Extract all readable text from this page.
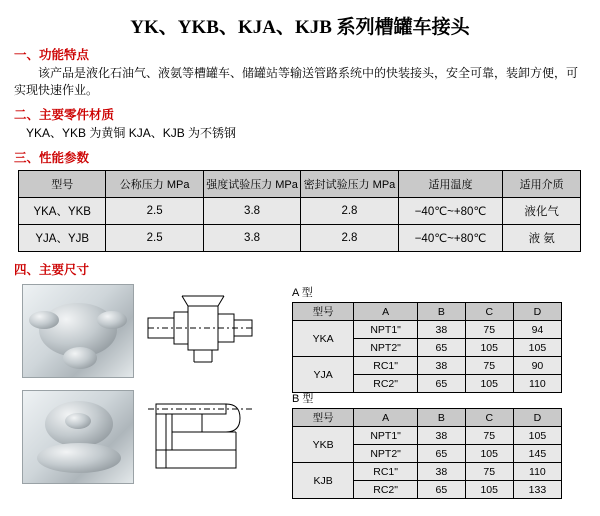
YK、YKB、KJA、KJB 系列槽罐车接头
一、功能特点
该产品是液化石油气、液氨等槽罐车、储罐站等输送管路系统中的快装接头，安全可靠，装卸方便，可实现快速作业。
二、主要零件材质
YKA、YKB 为黄铜 KJA、KJB 为不锈钢
三、性能参数
型号	公称压力 MPa	强度试验压力 MPa	密封试验压力 MPa	适用温度	适用介质
YKA、YKB	2.5	3.8	2.8	−40℃~+80℃	液化气
YJA、YJB	2.5	3.8	2.8	−40℃~+80℃	液 氨
四、主要尺寸
A 型
型号	A	B	C	D
YKA	NPT1"	38	75	94
	NPT2"	65	105	105
YJA	RC1"	38	75	90
	RC2"	65	105	110
B 型
型号	A	B	C	D
YKB	NPT1"	38	75	105
	NPT2"	65	105	145
KJB	RC1"	38	75	110
	RC2"	65	105	133
